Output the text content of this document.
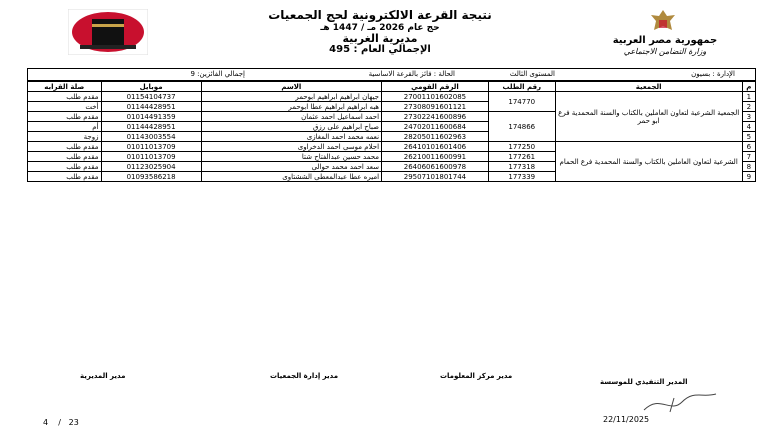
جمهورية مصر العربية
وزارة التضامن الاجتماعي
نتيجة القرعة الالكترونية لحج الجمعيات
حج عام 2026 مـ / 1447 هـ
مديرية الغربية
الإجمالي العام : 495
الإدارة : بسيون
المستوى الثالث
الحالة : فائز بالقرعة الاساسية
إجمالي الفائزين: 9
م	الجمعية	رقم الطلب	الرقم القومي	الاسم	موبايل	صلة القرابه
1	الجمعية الشرعية لتعاون العاملين بالكتاب والسنة المحمدية فرع ابو حمر	174770	27001101602085	جيهان ابراهيم ابراهيم ابوحمر	01154104737	مقدم طلب
2			27308091601121	هبه ابراهيم ابراهيم عطا ابوحمر	01144428951	أخت
3		174866	27302241600896	احمد اسماعيل احمد عثمان	01014491359	مقدم طلب
4			24702011600684	صباح ابراهيم على رزق	01144428951	أم
5			28205011602963	نعمه محمد احمد المغازى	01143003554	زوجة
6	الشرعية لتعاون العاملين بالكتاب والسنة المحمدية فرع الحمام	177250	26410101601406	احلام موسى احمد الدخراوى	01011013709	مقدم طلب
7		177261	26210011600991	محمد حسين عبدالفتاح شتا	01011013709	مقدم طلب
8		177318	26406061600978	سعد احمد محمد حوالى	01123025904	مقدم طلب
9		177339	29507101801744	اميره عطا عبدالمعطى الششتاوى	01093586218	مقدم طلب
مدير المديرية	مدير إدارة الجمعيات	مدير مركز المعلومات
المدير التنفيذي للموسسة
4 / 23	22/11/2025
